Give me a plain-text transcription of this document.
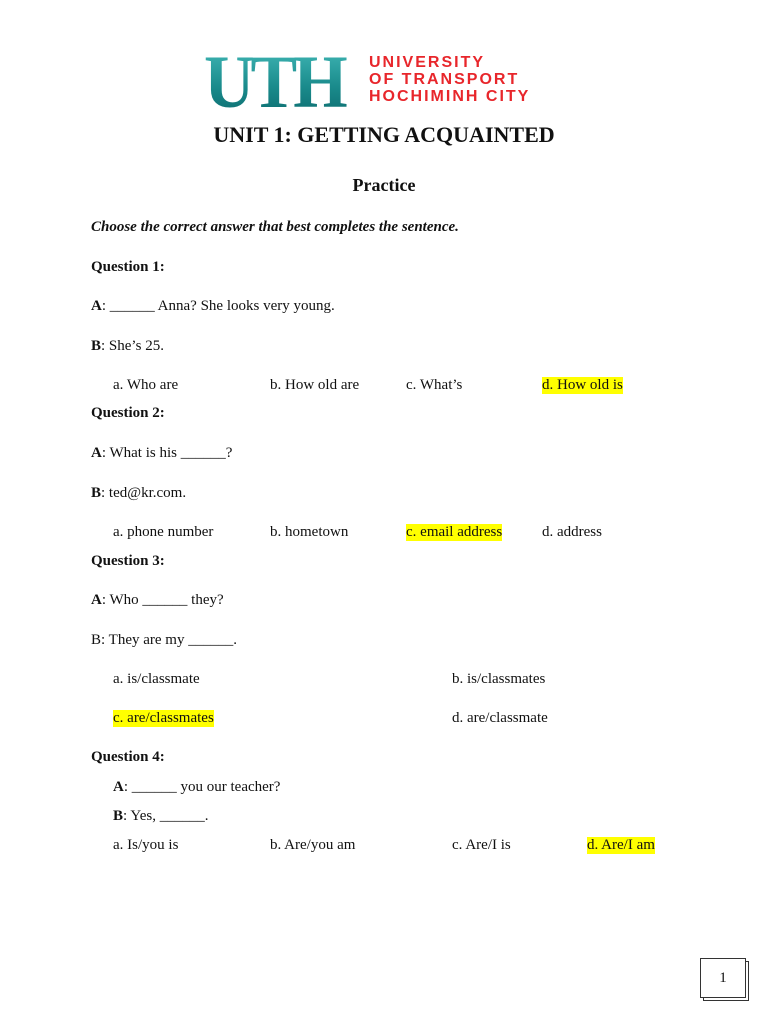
UTH	UNIVERSITY
OF TRANSPORT
HOCHIMINH CITY
UNIT 1: GETTING ACQUAINTED
Practice
Choose the correct answer that best completes the sentence.
Question 1:
A: ______ Anna? She looks very young.
B: She’s 25.
a. Who are	b. How old are	c. What’s	d. How old is
Question 2:
A: What is his ______?
B: ted@kr.com.
a. phone number	b. hometown	c. email address	d. address
Question 3:
A: Who ______ they?
B: They are my ______.
a. is/classmate	b. is/classmates
c. are/classmates	d. are/classmate
Question 4:
A: ______ you our teacher?
B: Yes, ______.
a. Is/you is	b. Are/you am	c. Are/I is	d. Are/I am
1
